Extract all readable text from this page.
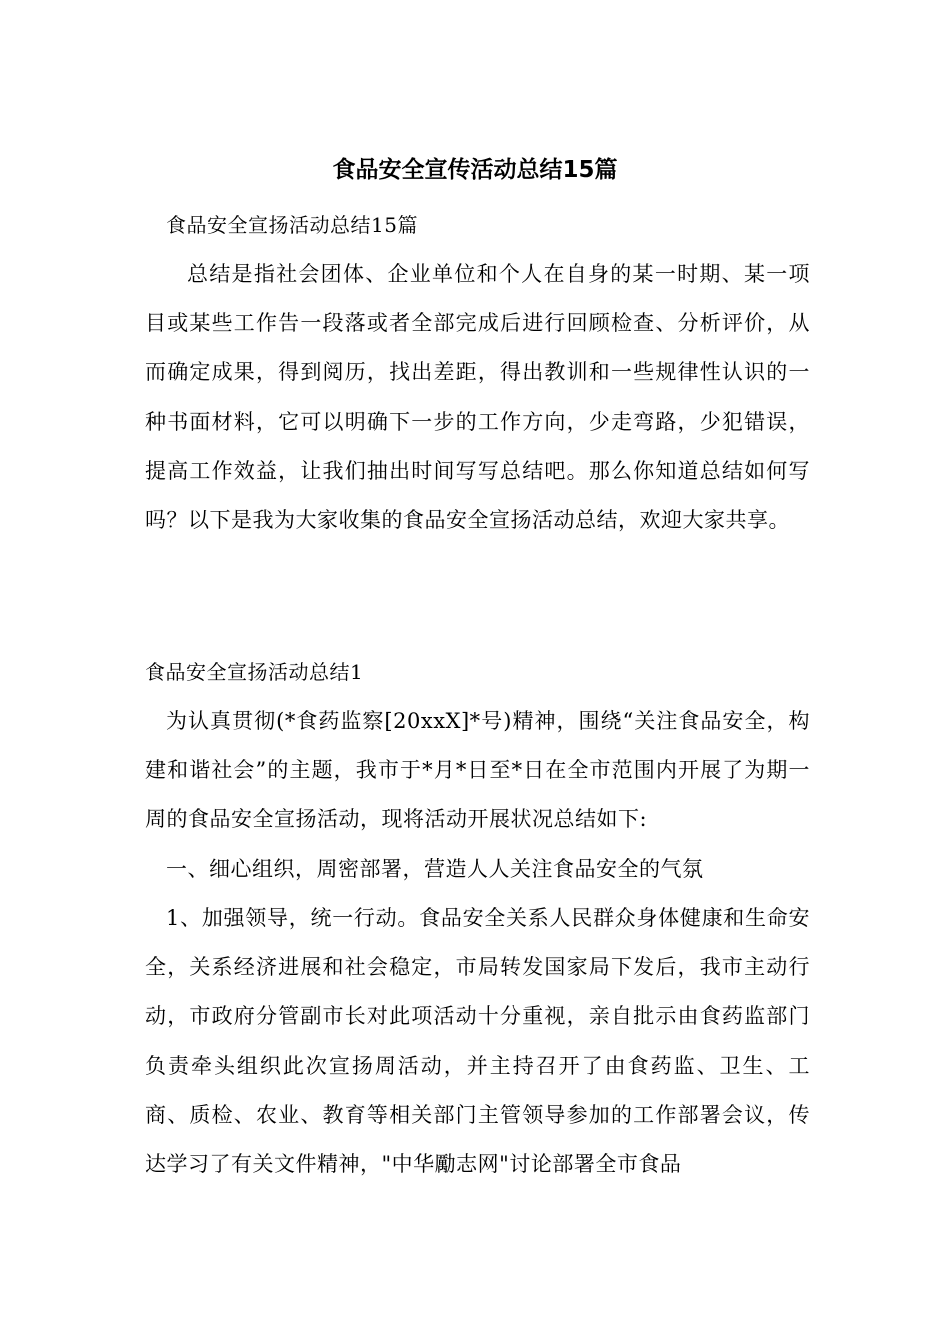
食品安全宣传活动总结15篇

食品安全宣扬活动总结15篇

总结是指社会团体、企业单位和个人在自身的某一时期、某一项目或某些工作告一段落或者全部完成后进行回顾检查、分析评价，从而确定成果，得到阅历，找出差距，得出教训和一些规律性认识的一种书面材料，它可以明确下一步的工作方向，少走弯路，少犯错误，提高工作效益，让我们抽出时间写写总结吧。那么你知道总结如何写吗？以下是我为大家收集的食品安全宣扬活动总结，欢迎大家共享。

食品安全宣扬活动总结1

为认真贯彻(*食药监察[20xxX]*号)精神，围绕“关注食品安全，构建和谐社会”的主题，我市于*月*日至*日在全市范围内开展了为期一周的食品安全宣扬活动，现将活动开展状况总结如下:

一、细心组织，周密部署，营造人人关注食品安全的气氛

1、加强领导，统一行动。食品安全关系人民群众身体健康和生命安全，关系经济进展和社会稳定，市局转发国家局下发后，我市主动行动，市政府分管副市长对此项活动十分重视，亲自批示由食药监部门负责牵头组织此次宣扬周活动，并主持召开了由食药监、卫生、工商、质检、农业、教育等相关部门主管领导参加的工作部署会议，传达学习了有关文件精神，"中华勵志网"讨论部署全市食品
